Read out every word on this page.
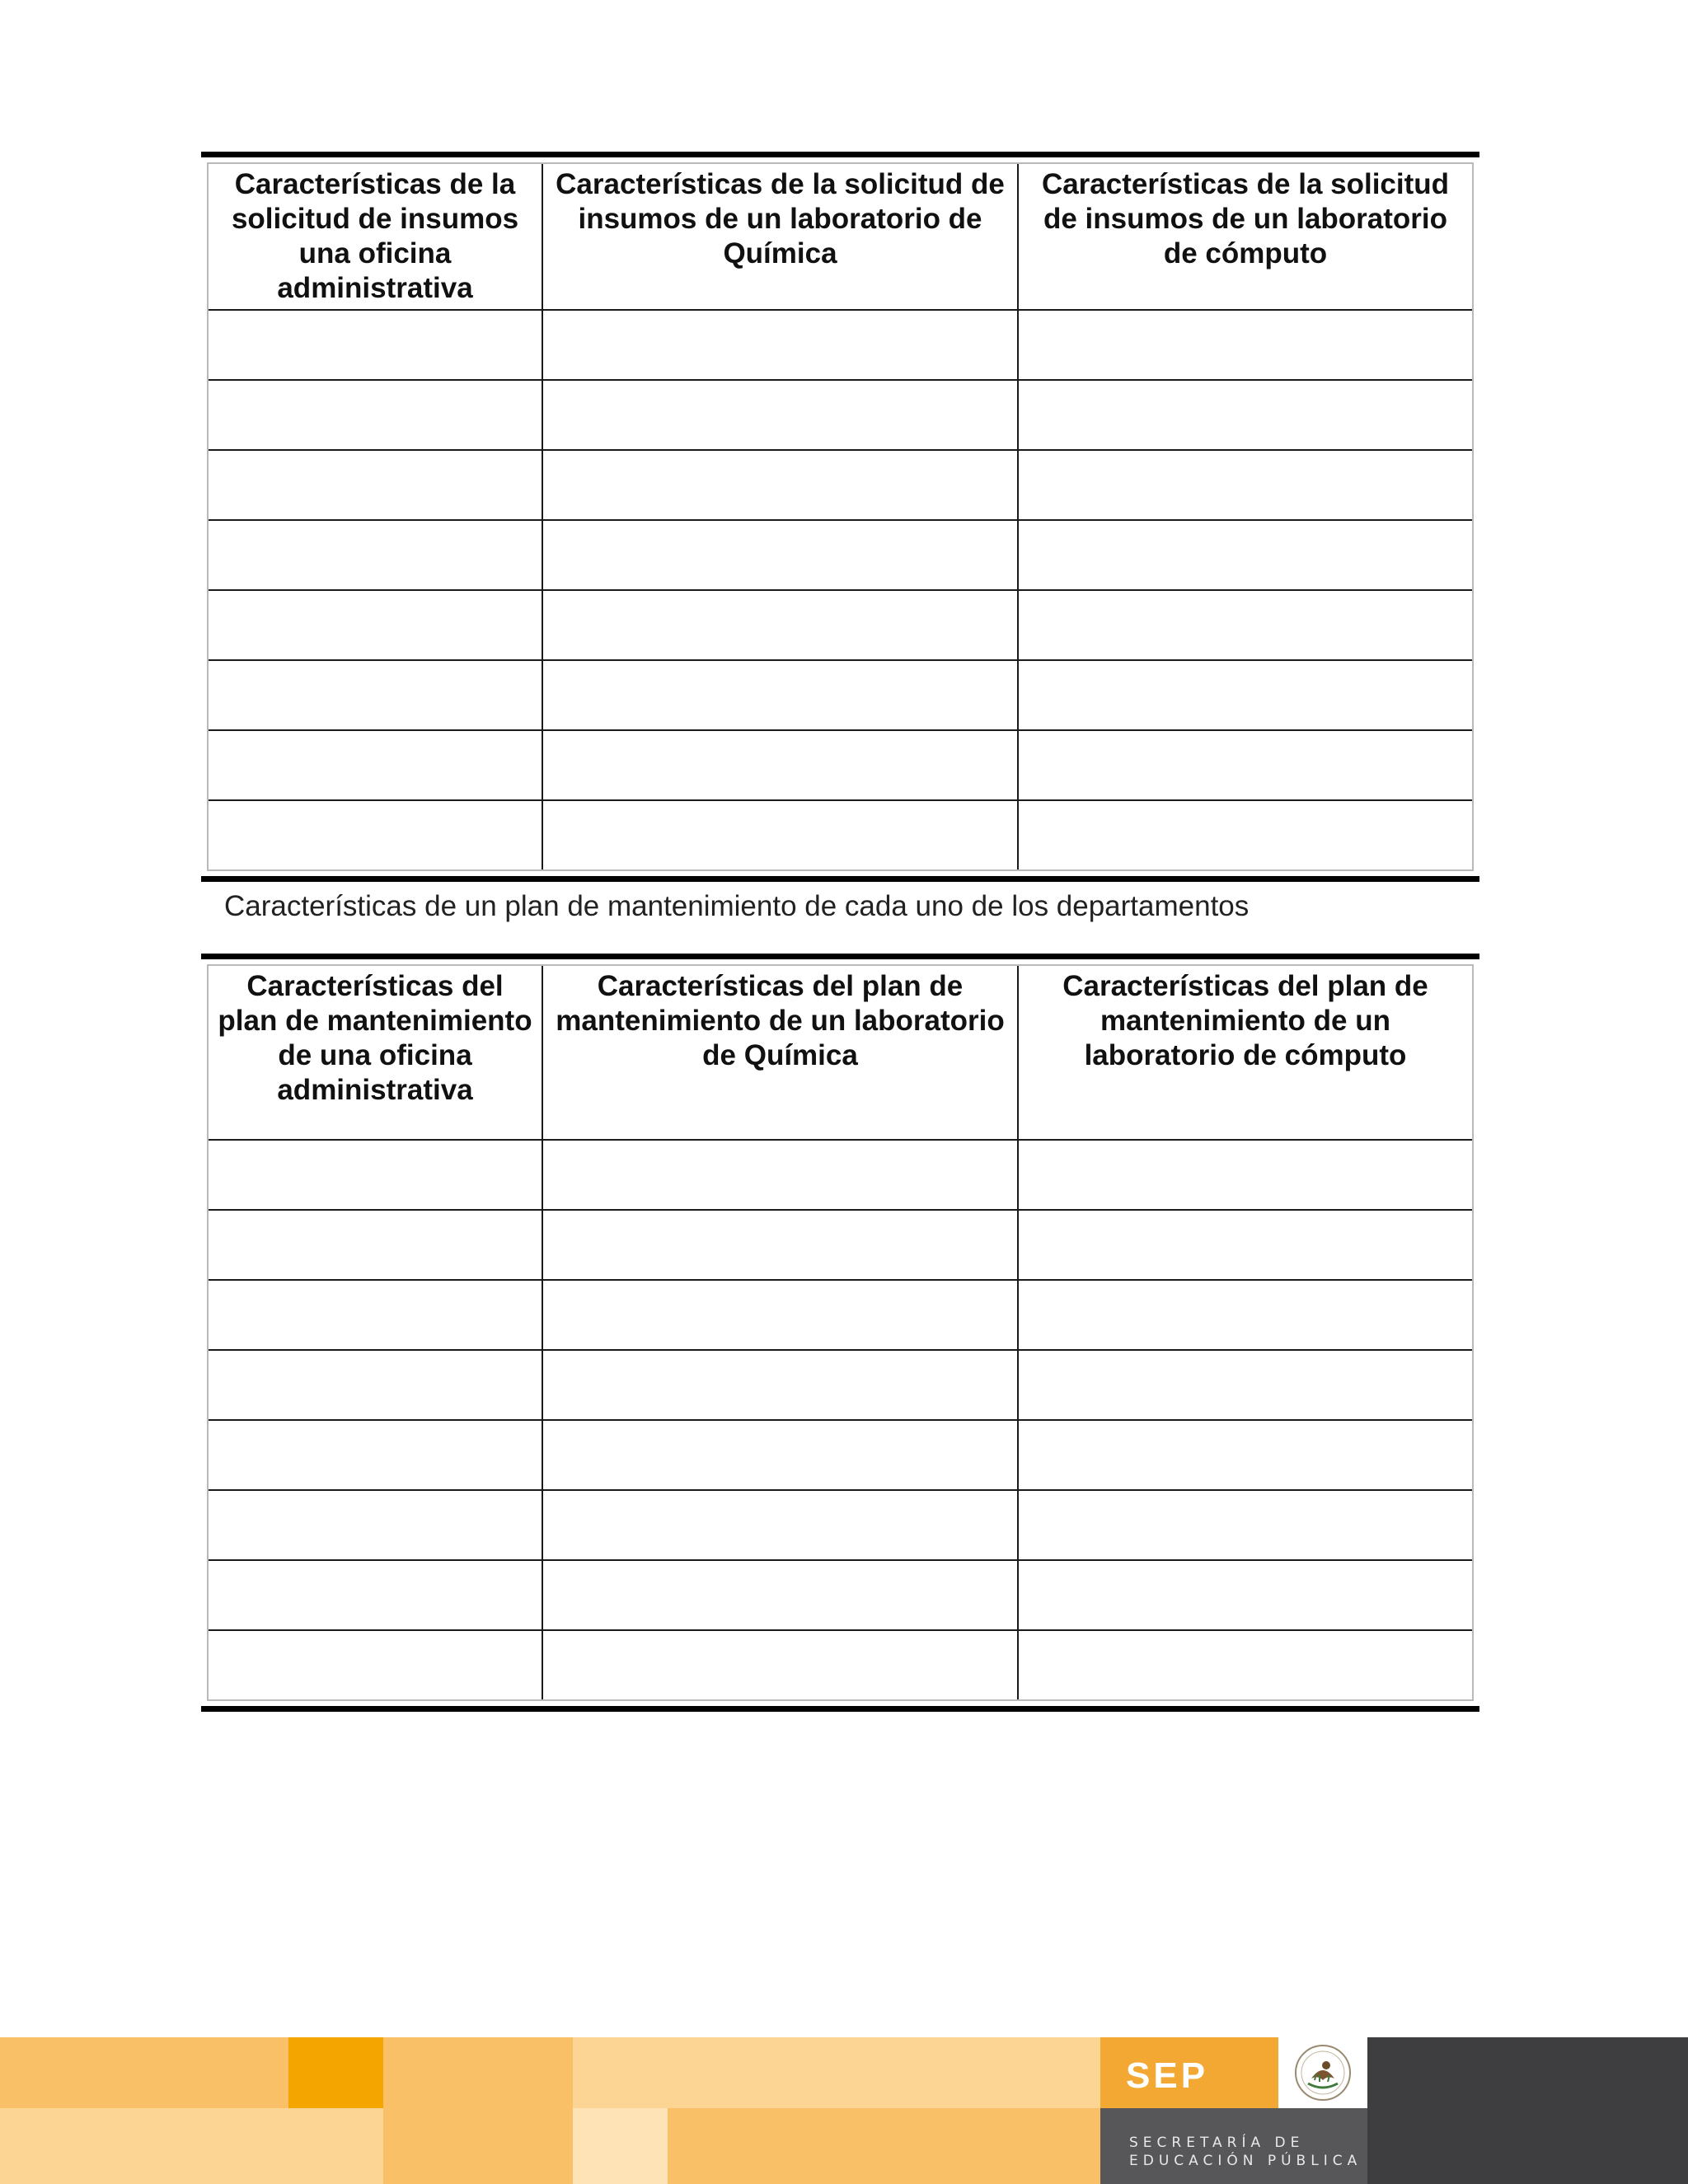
Características de la solicitud de insumos una oficina administrativa	Características de la solicitud de insumos de un laboratorio de Química	Características de la solicitud de insumos de un laboratorio de cómputo

Características de un plan de mantenimiento de cada uno de los departamentos
Características del plan de mantenimiento de una oficina administrativa	Características del plan de mantenimiento de un laboratorio de Química	Características del plan de mantenimiento de un laboratorio de cómputo

SEP
SECRETARÍA DE
EDUCACIÓN PÚBLICA
